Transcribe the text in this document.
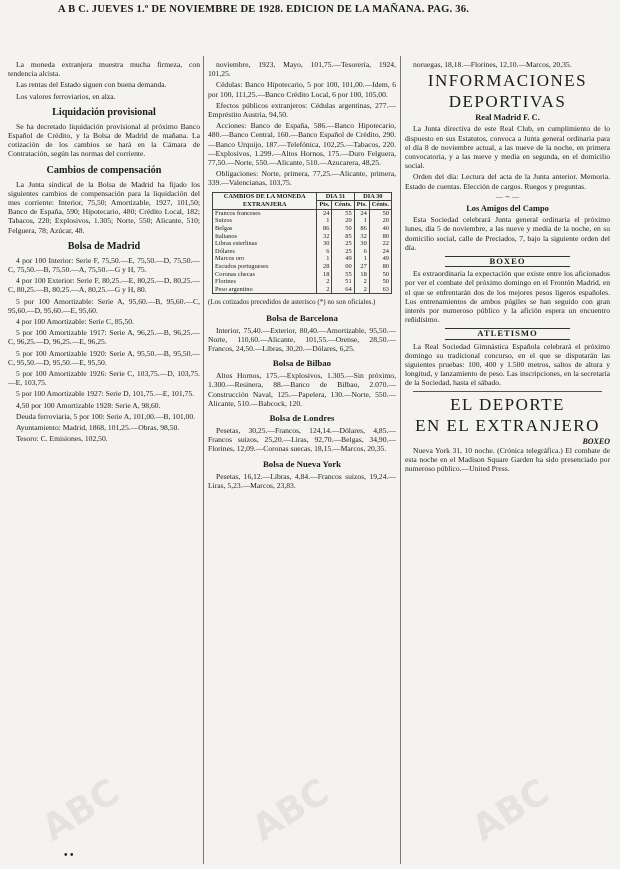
A B C. JUEVES 1.º DE NOVIEMBRE DE 1928. EDICION DE LA MAÑANA. PAG. 36.

La moneda extranjera muestra mucha firmeza, con tendencia alcista.

Las rentas del Estado siguen con buena demanda.

Los valores ferroviarios, en alza.

Liquidación provisional

Se ha decretado liquidación provisional al próximo Banco Español de Crédito, y la Bolsa de Madrid de mañana. La cotización de los cambios se hará en la Cámara de Contratación, según las normas del corriente.

Cambios de compensación

La Junta sindical de la Bolsa de Madrid ha fijado los siguientes cambios de compensación para la liquidación del mes corriente: Interior, 75,50; Amortizable, 1927, 101,50; Banco de España, 590; Hipotecario, 480; Crédito Local, 182; Tabacos, 220; Explosivos, 1.305; Norte, 550; Alicante, 510; Felguera, 78; Azúcar, 48.

Bolsa de Madrid

4 por 100 Interior: Serie F, 75,50.—E, 75,50.—D, 75,50.—C, 75,50.—B, 75,50.—A, 75,50.—G y H, 75.

4 por 100 Exterior: Serie F, 80,25.—E, 80,25.—D, 80,25.—C, 80,25.—B, 80,25.—A, 80,25.—G y H, 80.

5 por 100 Amortizable: Serie A, 95,60.—B, 95,60.—C, 95,60.—D, 95,60.—E, 95,60.

4 por 100 Amortizable: Serie C, 85,50.

5 por 100 Amortizable 1917: Serie A, 96,25.—B, 96,25.—C, 96,25.—D, 96,25.—E, 96,25.

5 por 100 Amortizable 1920: Serie A, 95,50.—B, 95,50.—C, 95,50.—D, 95,50.—E, 95,50.

5 por 100 Amortizable 1926: Serie C, 103,75.—D, 103,75.—E, 103,75.

5 por 100 Amortizable 1927: Serie D, 101,75.—E, 101,75.

4,50 por 100 Amortizable 1928: Serie A, 98,60.

Deuda ferroviaria, 5 por 100: Serie A, 101,00.—B, 101,00.

Ayuntamiento: Madrid, 1868, 101,25.—Obras, 98,50.

Tesoro: C. Emisiones, 102,50.

noviembre, 1923, Mayo, 101,75.—Tesorería, 1924, 101,25.

Cédulas: Banco Hipotecario, 5 por 100, 101,00.—Idem, 6 por 100, 111,25.—Banco Crédito Local, 6 por 100, 105,00.

Efectos públicos extranjeros: Cédulas argentinas, 277.—Empréstito Austria, 94,50.

Acciones: Banco de España, 586.—Banco Hipotecario, 480.—Banco Central, 160.—Banco Español de Crédito, 290.—Banco Urquijo, 187.—Telefónica, 102,25.—Tabacos, 220.—Explosivos, 1.299.—Altos Hornos, 175.—Duro Felguera, 77,50.—Norte, 550.—Alicante, 510.—Azucarera, 48,25.

Obligaciones: Norte, primera, 77,25.—Alicante, primera, 339.—Valencianas, 103,75.

CAMBIOS DE LA MONEDA EXTRANJERA	DIA 31		DIA 30	
	Pts.	Cénts.	Pts.	Cénts.
Francos franceses	24	55	24	50
Suizos	1	20	1	20
Belgas	86	50	86	40
Italianos	32	85	32	80
Libras esterlinas	30	25	30	22
Dólares	6	25	6	24
Marcos oro	1	49	1	49
Escudos portugueses	28	00	27	80
Coronas checas	18	55	18	50
Florines	2	51	2	50
Peso argentino	2	64	2	63

(Los cotizados precedidos de asterisco (*) no son oficiales.)

Bolsa de Barcelona

Interior, 75,40.—Exterior, 80,40.—Amortizable, 95,50.—Norte, 110,60.—Alicante, 101,55.—Orense, 28,50.—Francos, 24,50.—Libras, 30,20.—Dólares, 6,25.

Bolsa de Bilbao

Altos Hornos, 175.—Explosivos, 1.305.—Sin próximo, 1.300.—Resinera, 88.—Banco de Bilbao, 2.070.—Construcción Naval, 125.—Papelera, 130.—Norte, 550.—Alicante, 510.—Babcock, 120.

Bolsa de Londres

Pesetas, 30,25.—Francos, 124,14.—Dólares, 4,85.—Francos suizos, 25,20.—Liras, 92,70.—Belgas, 34,90.—Florines, 12,09.—Coronas suecas, 18,15.—Marcos, 20,35.

Bolsa de Nueva York

Pesetas, 16,12.—Libras, 4,84.—Francos suizos, 19,24.—Liras, 5,23.—Marcos, 23,83.

noruegas, 18,18.—Florines, 12,10.—Marcos, 20,35.

INFORMACIONES
DEPORTIVAS
Real Madrid F. C.

La Junta directiva de este Real Club, en cumplimiento de lo dispuesto en sus Estatutos, convoca a Junta general ordinaria para el día 8 de noviembre actual, a las nueve de la noche, en primera convocatoria, y a las nueve y media en segunda, en el domicilio social.

Orden del día: Lectura del acta de la Junta anterior. Memoria. Estado de cuentas. Elección de cargos. Ruegos y preguntas.

— ∼ —
Los Amigos del Campo

Esta Sociedad celebrará Junta general ordinaria el próximo lunes, día 5 de noviembre, a las nueve y media de la noche, en su domicilio social, calle de Preciados, 7, bajo la siguiente orden del día.

BOXEO

Es extraordinaria la expectación que existe entre los aficionados por ver el combate del próximo domingo en el Frontón Madrid, en el que se enfrentarán dos de los mejores pesos ligeros españoles. Los entrenamientos de ambos púgiles se han seguido con gran interés por numeroso público y la afición espera un encuentro reñidísimo.

ATLETISMO

La Real Sociedad Gimnástica Española celebrará el próximo domingo su tradicional concurso, en el que se disputarán las siguientes pruebas: 100, 400 y 1.500 metros, saltos de altura y longitud, y lanzamiento de peso. Las inscripciones, en la secretaría de la Sociedad, hasta el sábado.

EL DEPORTE
EN EL EXTRANJERO
BOXEO

Nueva York 31, 10 noche. (Crónica telegráfica.) El combate de esta noche en el Madison Square Garden ha sido presenciado por numeroso público.—United Press.

ABC	ABC	ABC
• •
